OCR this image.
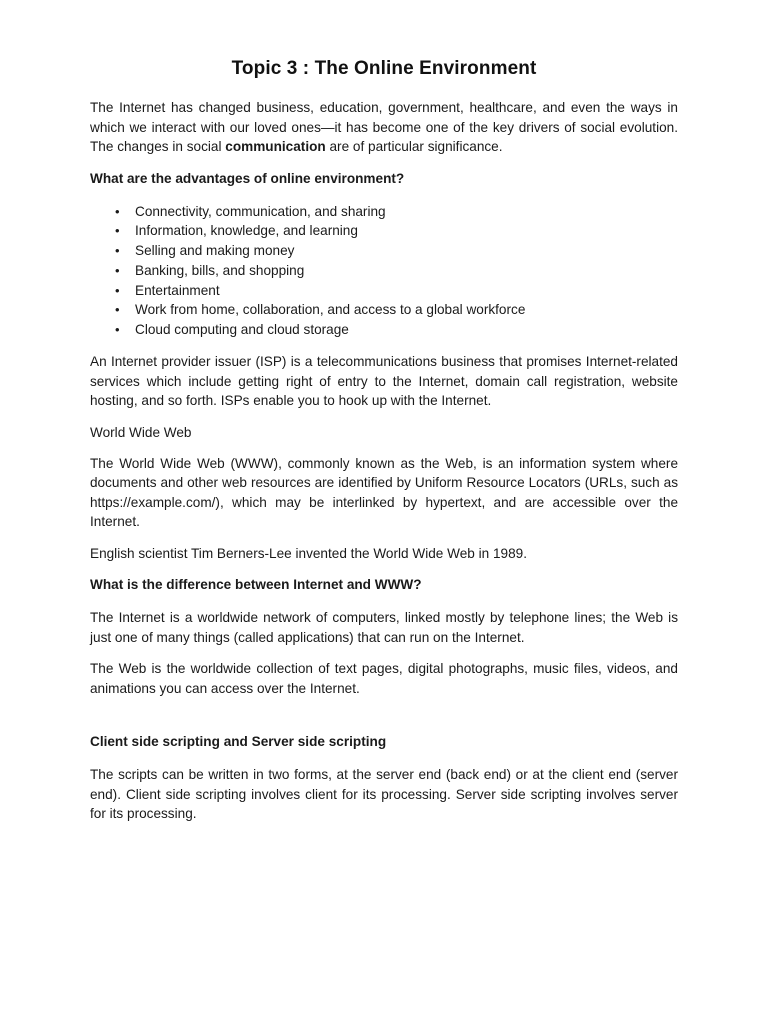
Topic 3 : The Online Environment

The Internet has changed business, education, government, healthcare, and even the ways in which we interact with our loved ones—it has become one of the key drivers of social evolution. The changes in social communication are of particular significance.

What are the advantages of online environment?
• Connectivity, communication, and sharing
• Information, knowledge, and learning
• Selling and making money
• Banking, bills, and shopping
• Entertainment
• Work from home, collaboration, and access to a global workforce
• Cloud computing and cloud storage

An Internet provider issuer (ISP) is a telecommunications business that promises Internet-related services which include getting right of entry to the Internet, domain call registration, website hosting, and so forth. ISPs enable you to hook up with the Internet.

World Wide Web

The World Wide Web (WWW), commonly known as the Web, is an information system where documents and other web resources are identified by Uniform Resource Locators (URLs, such as https://example.com/), which may be interlinked by hypertext, and are accessible over the Internet.

English scientist Tim Berners-Lee invented the World Wide Web in 1989.

What is the difference between Internet and WWW?

The Internet is a worldwide network of computers, linked mostly by telephone lines; the Web is just one of many things (called applications) that can run on the Internet.

The Web is the worldwide collection of text pages, digital photographs, music files, videos, and animations you can access over the Internet.

Client side scripting and Server side scripting

The scripts can be written in two forms, at the server end (back end) or at the client end (server end). Client side scripting involves client for its processing. Server side scripting involves server for its processing.
